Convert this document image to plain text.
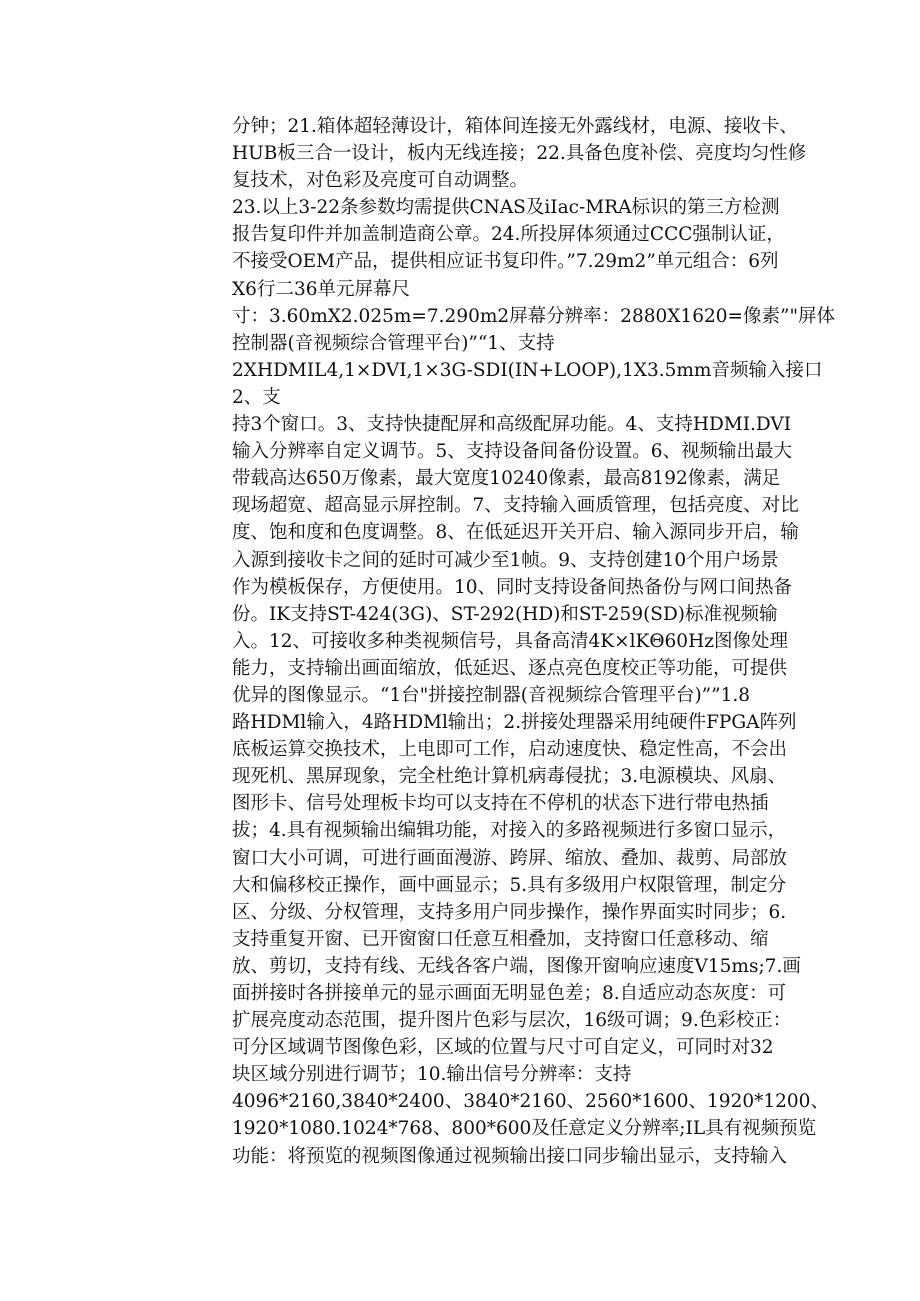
分钟；21.箱体超轻薄设计，箱体间连接无外露线材，电源、接收卡、
HUB板三合一设计，板内无线连接；22.具备色度补偿、亮度均匀性修
复技术，对色彩及亮度可自动调整。
23.以上3-22条参数均需提供CNAS及iIac-MRA标识的第三方检测
报告复印件并加盖制造商公章。24.所投屏体须通过CCC强制认证，
不接受OEM产品，提供相应证书复印件。”7.29m2”单元组合：6列
X6行二36单元屏幕尺
寸：3.60mX2.025m=7.290m2屏幕分辨率：2880X1620=像素”"屏体
控制器(音视频综合管理平台)”“1、支持
2XHDMIL4,1×DVI,1×3G-SDI(IN+LOOP),1X3.5mm音频输入接口
2、支
持3个窗口。3、支持快捷配屏和高级配屏功能。4、支持HDMI.DVI
输入分辨率自定义调节。5、支持设备间备份设置。6、视频输出最大
带载高达650万像素，最大宽度10240像素，最高8192像素，满足
现场超宽、超高显示屏控制。7、支持输入画质管理，包括亮度、对比
度、饱和度和色度调整。8、在低延迟开关开启、输入源同步开启，输
入源到接收卡之间的延时可减少至1帧。9、支持创建10个用户场景
作为模板保存，方便使用。10、同时支持设备间热备份与网口间热备
份。IK支持ST-424(3G)、ST-292(HD)和ST-259(SD)标准视频输
入。12、可接收多种类视频信号，具备高清4K×lKΘ60Hz图像处理
能力，支持输出画面缩放，低延迟、逐点亮色度校正等功能，可提供
优异的图像显示。“1台"拼接控制器(音视频综合管理平台)””1.8
路HDMl输入，4路HDMl输出；2.拼接处理器采用纯硬件FPGA阵列
底板运算交换技术，上电即可工作，启动速度快、稳定性高，不会出
现死机、黑屏现象，完全杜绝计算机病毒侵扰；3.电源模块、风扇、
图形卡、信号处理板卡均可以支持在不停机的状态下进行带电热插
拔；4.具有视频输出编辑功能，对接入的多路视频进行多窗口显示，
窗口大小可调，可进行画面漫游、跨屏、缩放、叠加、裁剪、局部放
大和偏移校正操作，画中画显示；5.具有多级用户权限管理，制定分
区、分级、分权管理，支持多用户同步操作，操作界面实时同步；6.
支持重复开窗、已开窗窗口任意互相叠加，支持窗口任意移动、缩
放、剪切，支持有线、无线各客户端，图像开窗响应速度V15ms;7.画
面拼接时各拼接单元的显示画面无明显色差；8.自适应动态灰度：可
扩展亮度动态范围，提升图片色彩与层次，16级可调；9.色彩校正：
可分区域调节图像色彩，区域的位置与尺寸可自定义，可同时对32
块区域分别进行调节；10.输出信号分辨率：支持
4096*2160,3840*2400、3840*2160、2560*1600、1920*1200、
1920*1080.1024*768、800*600及任意定义分辨率;IL具有视频预览
功能：将预览的视频图像通过视频输出接口同步输出显示，支持输入
